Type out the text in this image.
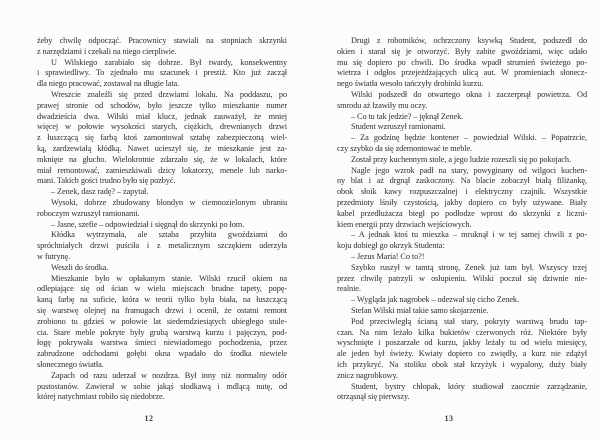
żeby chwilę odpocząć. Pracownicy stawiali na stopniach skrzynki
z narzędziami i czekali na niego cierpliwie.
U Wilskiego zarabiało się dobrze. Był twardy, konsekwentny
i sprawiedliwy. To zjednało mu szacunek i prestiż. Kto już zaczął
dla niego pracować, zostawał na długie lata.
Wreszcie znaleźli się przed drzwiami lokalu. Na poddaszu, po
prawej stronie od schodów, było jeszcze tylko mieszkanie numer
dwadzieścia dwa. Wilski miał klucz, jednak zauważył, że mniej
więcej w połowie wysokości starych, ciężkich, drewnianych drzwi
z łuszczącą się farbą ktoś zamontował sztabę zabezpieczoną wiel-
ką, zardzewiałą kłódką. Nawet ucieszył się, że mieszkanie jest za-
mknięte na głucho. Wielokrotnie zdarzało się, że w lokalach, które
miał remontować, zamieszkiwali dzicy lokatorzy, menele lub narko-
mani. Takich gości trudno było się pozbyć.
– Zenek, dasz radę? – zapytał.
Wysoki, dobrze zbudowany blondyn w ciemnozielonym ubraniu
roboczym wzruszył ramionami.
– Jasne, szefie – odpowiedział i sięgnął do skrzynki po łom.
Kłódka wytrzymała, ale sztaba przybita gwoździami do
spróchniałych drzwi puściła i z metalicznym szczękiem uderzyła
w futrynę.
Weszli do środka.
Mieszkanie było w opłakanym stanie. Wilski rzucił okiem na
odlepiające się od ścian w wielu miejscach brudne tapety, popę-
kaną farbę na suficie, która w teorii tylko była biała, na łuszczącą
się warstwę olejnej na framugach drzwi i ocenił, że ostatni remont
zrobiono tu gdzieś w połowie lat siedemdziesiątych ubiegłego stule-
cia. Stare meble pokryte były grubą warstwą kurzu i pajęczyn, pod-
łogę pokrywała warstwa śmieci niewiadomego pochodzenia, przez
zabrudzone odchodami gołębi okna wpadało do środka niewiele
słonecznego światła.
Zapach od razu uderzał w nozdrza. Był inny niż normalny odór
pustostanów. Zawierał w sobie jakąś słodkawą i mdlącą nutę, od
której natychmiast robiło się niedobrze.
Drugi z robotników, ochrzczony ksywką Student, podszedł do
okien i starał się je otworzyć. Były zabite gwoździami, więc udało
mu się dopiero po chwili. Do środka wpadł strumień świeżego po-
wietrza i odgłos przejeżdżających ulicą aut. W promieniach słonecz-
nego światła wesoło tańczyły drobinki kurzu.
Wilski podszedł do otwartego okna i zaczerpnął powietrza. Od
smrodu aż łzawiły mu oczy.
– Co tu tak jedzie? – jęknął Zenek.
Student wzruszył ramionami.
– Za godzinę będzie kontener – powiedział Wilski. – Popatrzcie,
czy szybko da się zdemontować te meble.
Został przy kuchennym stole, a jego ludzie rozeszli się po pokojach.
Nagle jego wzrok padł na stary, powyginany od wilgoci kuchen-
ny blat i aż drgnął zaskoczony. Na blacie zobaczył białą filiżankę,
obok słoik kawy rozpuszczalnej i elektryczny czajnik. Wszystkie
przedmioty lśniły czystością, jakby dopiero co były używane. Biały
kabel przedłużacza biegł po podłodze wprost do skrzynki z liczni-
kiem energii przy drzwiach wejściowych.
– A jednak ktoś tu mieszka – mruknął i w tej samej chwili z po-
koju dobiegł go okrzyk Studenta:
– Jezus Maria! Co to?!
Szybko ruszył w tamtą stronę, Zenek już tam był. Wszyscy trzej
przez chwilę patrzyli w osłupieniu. Wilski poczuł się dziwnie nie-
realnie.
– Wygląda jak nagrobek – odezwał się cicho Zenek.
Stefan Wilski miał takie samo skojarzenie.
Pod przeciwległą ścianą stał stary, pokryty warstwą brudu tap-
czan. Na nim leżało kilka bukietów czerwonych róż. Niektóre były
wyschnięte i poszarzałe od kurzu, jakby leżały tu od wielu miesięcy,
ale jeden był świeży. Kwiaty dopiero co zwiędły, a kurz nie zdążył
ich przykryć. Na stoliku obok stał krzyżyk i wypalony, duży biały
znicz nagrobkowy.
Student, bystry chłopak, który studiował zaocznie zarządzanie,
otrząsnął się pierwszy.
12	13
